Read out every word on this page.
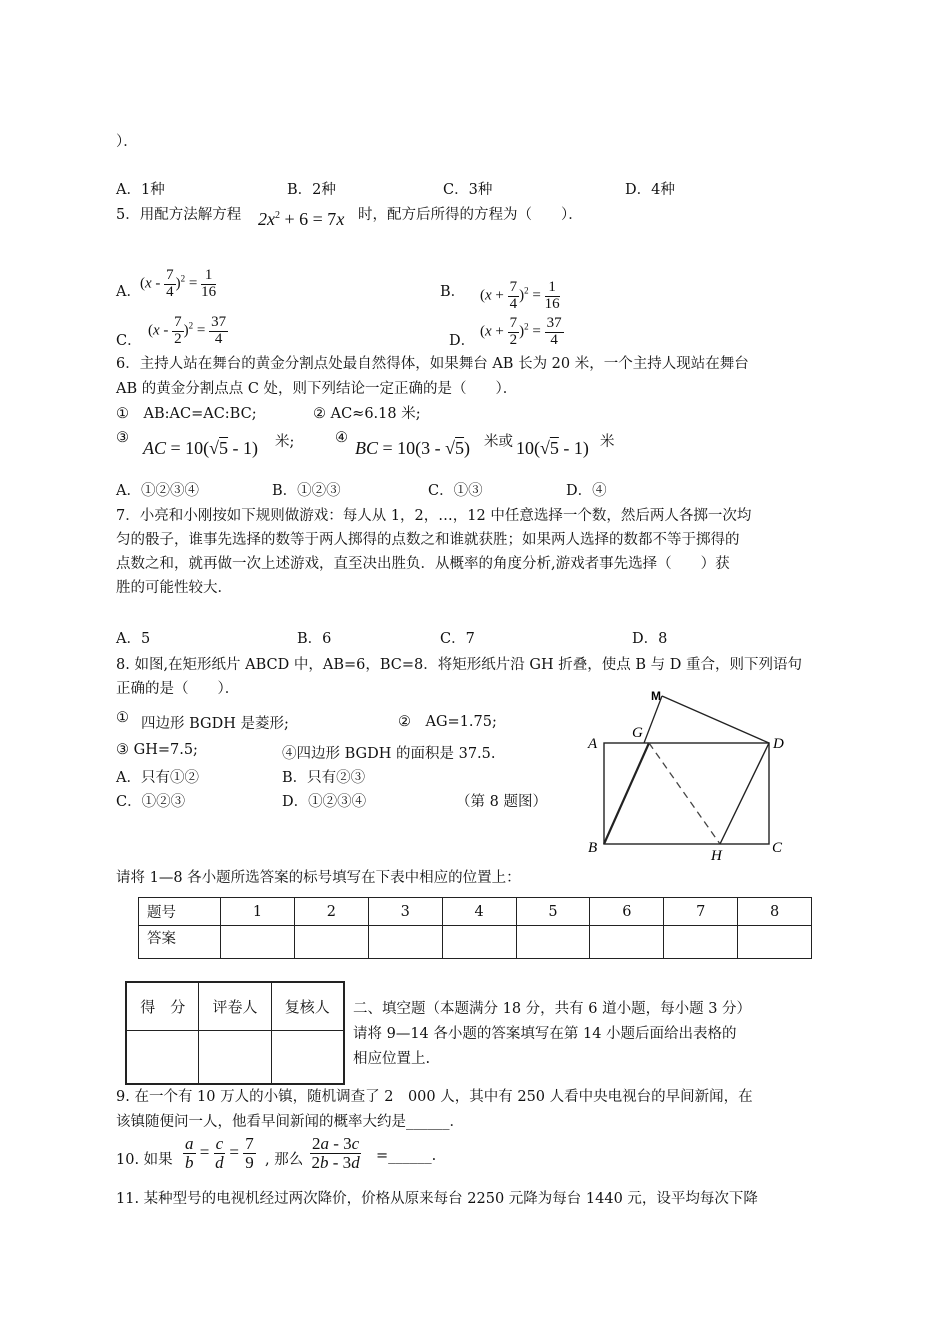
）．
A．1种	B．2种	C．3种	D．4种
5．用配方法解方程 $2x^2 + 6 = 7x$ 时，配方后所得的方程为（　　）．
A．
$(x - \frac{7}{4} )^2 = \frac{1}{16}$	B． $(x + \frac{7}{4} )^2 = \frac{1}{16}$
C．
$(x - \frac{7}{2} )^2 = \frac{37}{4}$	D．
$(x + \frac{7}{2} )^2 = \frac{37}{4}$
6．主持人站在舞台的黄金分割点处最自然得体，如果舞台 AB 长为 20 米，一个主持人现站在舞台
AB 的黄金分割点点 C 处，则下列结论一定正确的是（　　）．
①　AB:AC=AC:BC;	② AC≈6.18 米;
③ AC = 10(√5 - 1) 米;	④ BC = 10(3 - √5) 米或 10(√5 - 1) 米
A．①②③④	B．①②③	C．①③	D．④
7．小亮和小刚按如下规则做游戏：每人从 1，2，…，12 中任意选择一个数，然后两人各掷一次均
匀的骰子，谁事先选择的数等于两人掷得的点数之和谁就获胜；如果两人选择的数都不等于掷得的
点数之和，就再做一次上述游戏，直至决出胜负．从概率的角度分析,游戏者事先选择（　　）获
胜的可能性较大．
A．5	B．6	C．7	D．8
8. 如图,在矩形纸片 ABCD 中，AB=6，BC=8．将矩形纸片沿 GH 折叠，使点 B 与 D 重合，则下列语句
正确的是（　　）．
① 四边形 BGDH 是菱形;	②　AG=1.75;
③ GH=7.5;	④四边形 BGDH 的面积是 37.5.
A．只有①②	B．只有②③
C．①②③	D．①②③④	（第 8 题图）
M
A
G
D
B	H	C
请将 1—8 各小题所选答案的标号填写在下表中相应的位置上：
题号	1	2	3	4	5	6	7	8
答案								
得　分	评卷人	复核人
		二、填空题（本题满分 18 分，共有 6 道小题，每小题 3 分）
请将 9—14 各小题的答案填写在第 14 小题后面给出表格的
相应位置上.
9. 在一个有 10 万人的小镇，随机调查了 2　000 人，其中有 250 人看中央电视台的早间新闻，在
该镇随便问一人，他看早间新闻的概率大约是______．
10. 如果 $\frac{a}{b} = \frac{c}{d} = \frac{7}{9}$ , 那么 $\frac{2a - 3c}{2b - 3d}$ =______.
11. 某种型号的电视机经过两次降价，价格从原来每台 2250 元降为每台 1440 元，设平均每次下降
